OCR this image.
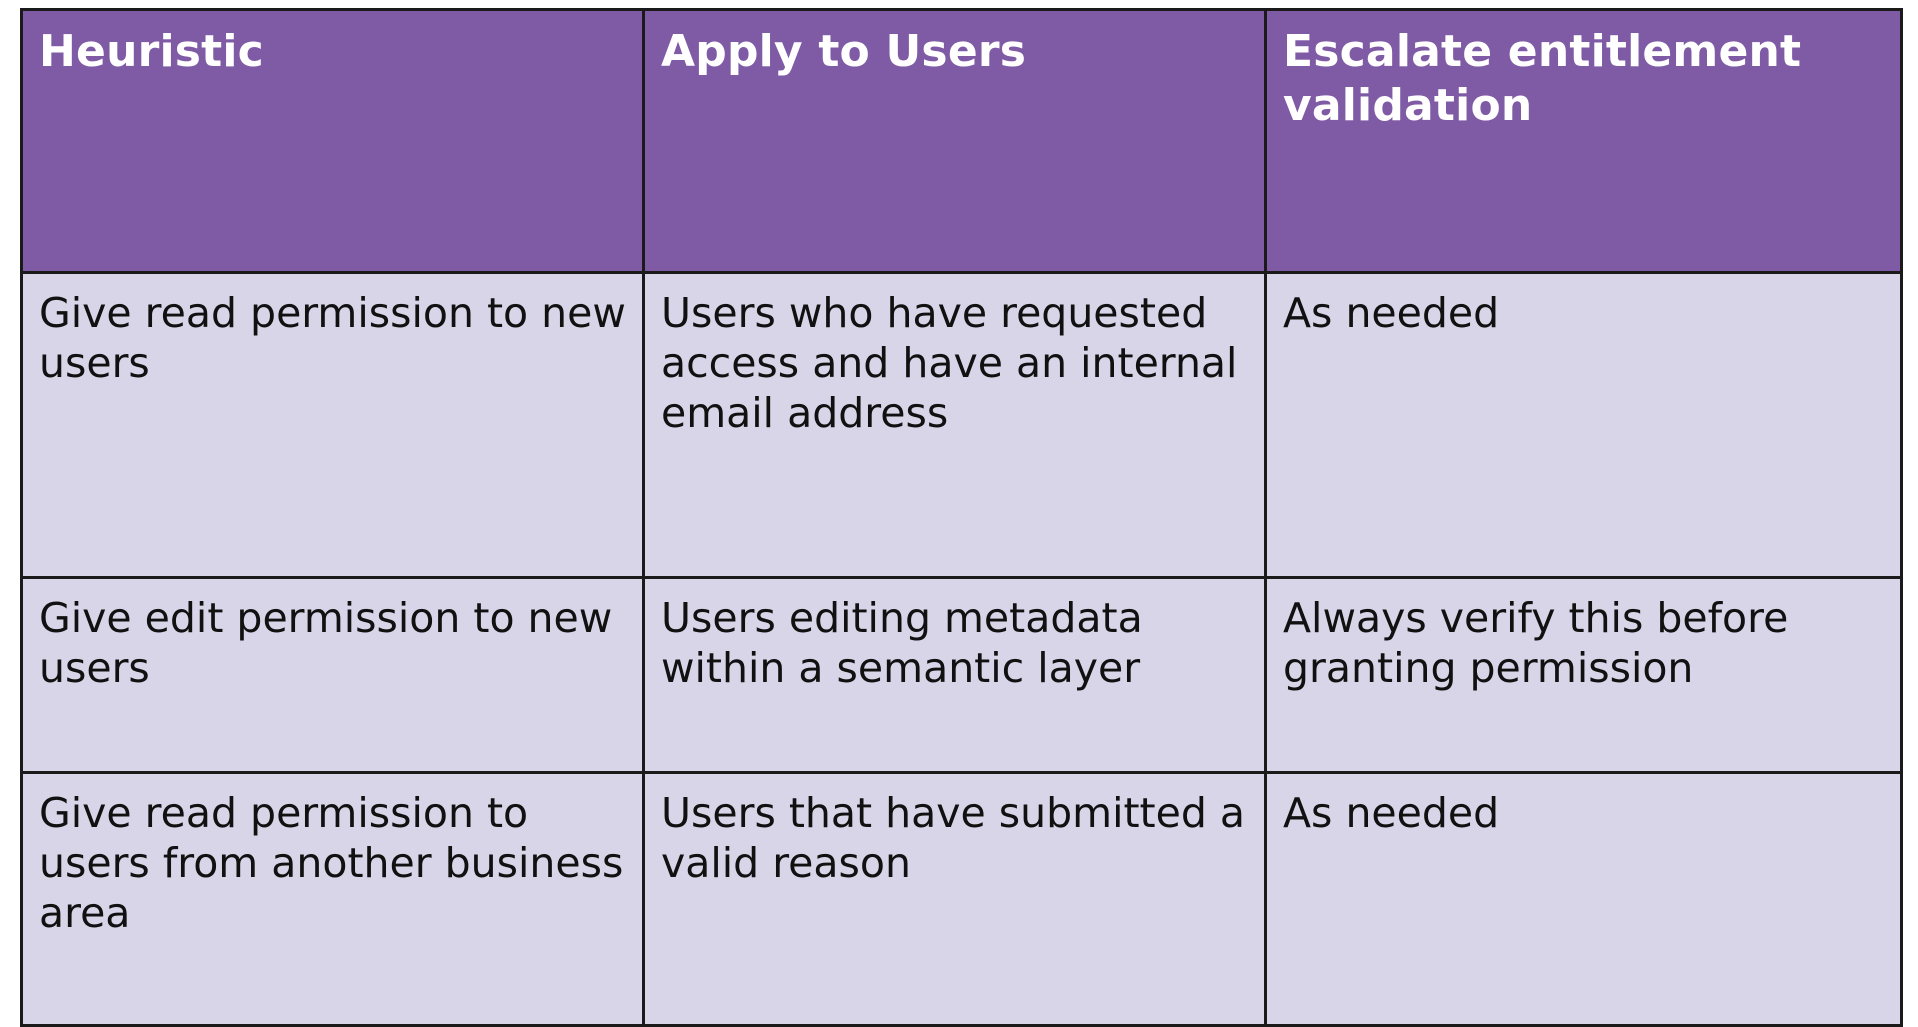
Heuristic	Apply to Users	Escalate entitlement validation
Give read permission to new users	Users who have requested access and have an internal email address	As needed
Give edit permission to new users	Users editing metadata within a semantic layer	Always verify this before granting permission
Give read permission to users from another business area	Users that have submitted a valid reason	As needed
